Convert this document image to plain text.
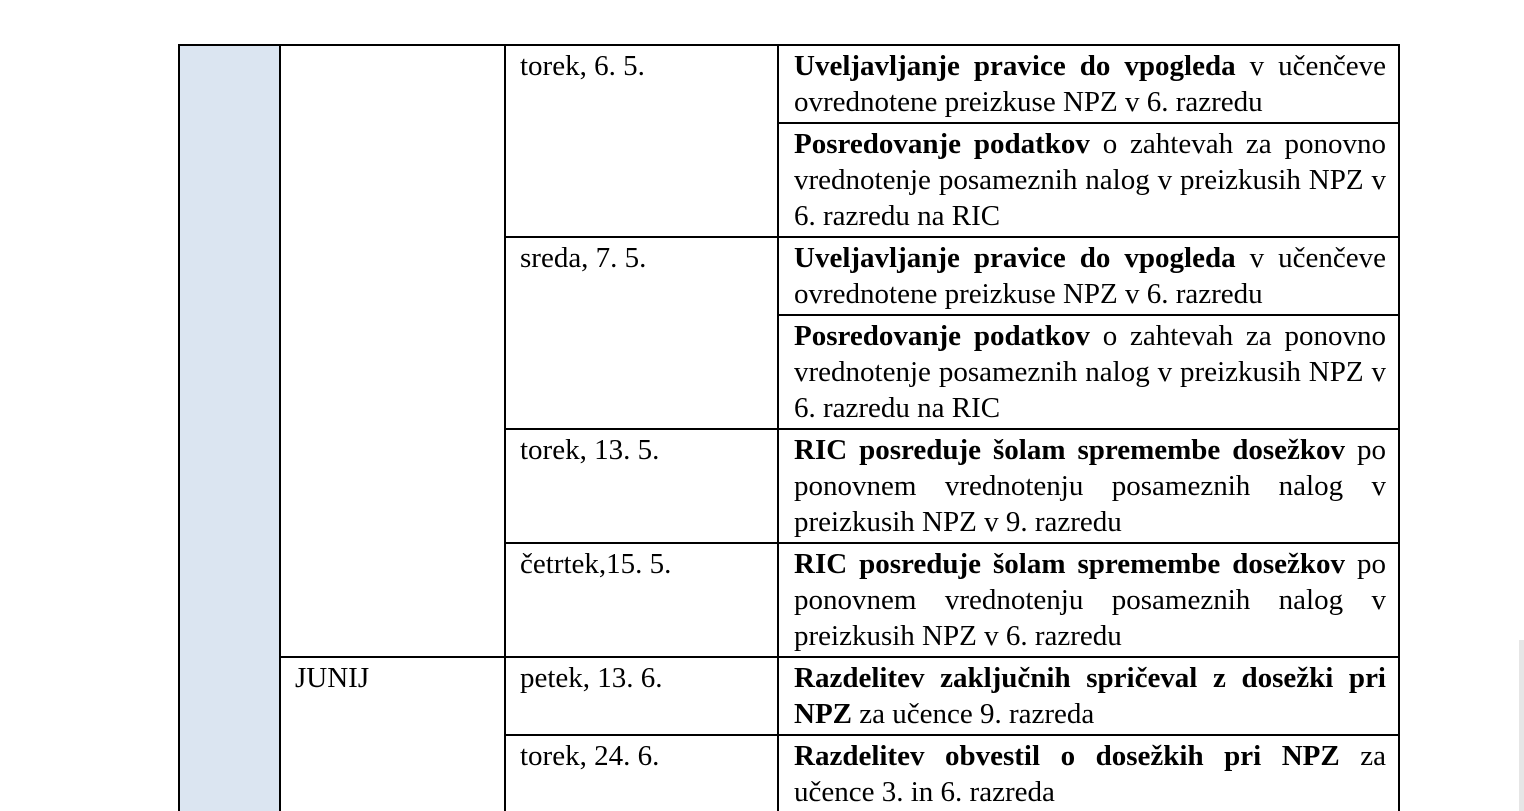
		torek, 6. 5.	Uveljavljanje pravice do vpogleda v učenčeve ovrednotene preizkuse NPZ v 6. razredu
			Posredovanje podatkov o zahtevah za ponovno vrednotenje posameznih nalog v preizkusih NPZ v 6. razredu na RIC
		sreda, 7. 5.	Uveljavljanje pravice do vpogleda v učenčeve ovrednotene preizkuse NPZ v 6. razredu
			Posredovanje podatkov o zahtevah za ponovno vrednotenje posameznih nalog v preizkusih NPZ v 6. razredu na RIC
		torek, 13. 5.	RIC posreduje šolam spremembe dosežkov po ponovnem vrednotenju posameznih nalog v preizkusih NPZ v 9. razredu
		četrtek,15. 5.	RIC posreduje šolam spremembe dosežkov po ponovnem vrednotenju posameznih nalog v preizkusih NPZ v 6. razredu
	JUNIJ	petek, 13. 6.	Razdelitev zaključnih spričeval z dosežki pri NPZ za učence 9. razreda
		torek, 24. 6.	Razdelitev obvestil o dosežkih pri NPZ za učence 3. in 6. razreda
